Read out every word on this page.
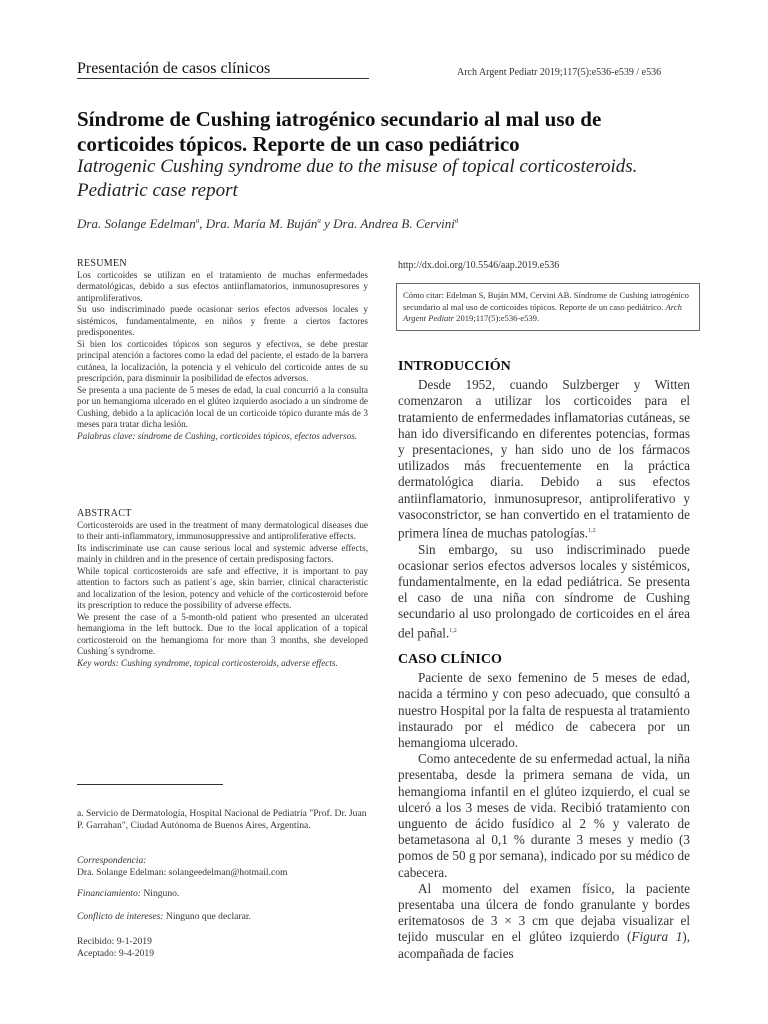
Presentación de casos clínicos	Arch Argent Pediatr 2019;117(5):e536-e539 / e536
Síndrome de Cushing iatrogénico secundario al mal uso de corticoides tópicos. Reporte de un caso pediátrico
Iatrogenic Cushing syndrome due to the misuse of topical corticosteroids. Pediatric case report
Dra. Solange Edelman$^a$, Dra. María M. Buján$^a$ y Dra. Andrea B. Cervini$^a$
RESUMEN

Los corticoides se utilizan en el tratamiento de muchas enfermedades dermatológicas, debido a sus efectos antiinflamatorios, inmunosupresores y antiproliferativos.

Su uso indiscriminado puede ocasionar serios efectos adversos locales y sistémicos, fundamentalmente, en niños y frente a ciertos factores predisponentes.

Si bien los corticoides tópicos son seguros y efectivos, se debe prestar principal atención a factores como la edad del paciente, el estado de la barrera cutánea, la localización, la potencia y el vehículo del corticoide antes de su prescripción, para disminuir la posibilidad de efectos adversos.

Se presenta a una paciente de 5 meses de edad, la cual concurrió a la consulta por un hemangioma ulcerado en el glúteo izquierdo asociado a un síndrome de Cushing, debido a la aplicación local de un corticoide tópico durante más de 3 meses para tratar dicha lesión.

Palabras clave: síndrome de Cushing, corticoides tópicos, efectos adversos.

ABSTRACT

Corticosteroids are used in the treatment of many dermatological diseases due to their anti-inflammatory, immunosuppressive and antiproliferative effects.

Its indiscriminate use can cause serious local and systemic adverse effects, mainly in children and in the presence of certain predisposing factors.

While topical corticosteroids are safe and effective, it is important to pay attention to factors such as patient´s age, skin barrier, clinical characteristic and localization of the lesion, potency and vehicle of the corticosteroid before its prescription to reduce the possibility of adverse effects.

We present the case of a 5-month-old patient who presented an ulcerated hemangioma in the left buttock. Due to the local application of a topical corticosteroid on the hemangioma for more than 3 months, she developed Cushing´s syndrome.

Key words: Cushing syndrome, topical corticosteroids, adverse effects.

a. Servicio de Dermatología, Hospital Nacional de Pediatría "Prof. Dr. Juan P. Garrahan", Ciudad Autónoma de Buenos Aires, Argentina.

Correspondencia:

Dra. Solange Edelman: solangeedelman@hotmail.com

Financiamiento: Ninguno.
Conflicto de intereses: Ninguno que declarar.

Recibido: 9-1-2019

Aceptado: 9-4-2019

http://dx.doi.org/10.5546/aap.2019.e536

Cómo citar: Edelman S, Buján MM, Cervini AB. Síndrome de Cushing iatrogénico secundario al mal uso de corticoides tópicos. Reporte de un caso pediátrico. Arch Argent Pediatr 2019;117(5):e536-e539.

INTRODUCCIÓN

Desde 1952, cuando Sulzberger y Witten comenzaron a utilizar los corticoides para el tratamiento de enfermedades inflamatorias cutáneas, se han ido diversificando en diferentes potencias, formas y presentaciones, y han sido uno de los fármacos utilizados más frecuentemente en la práctica dermatológica diaria. Debido a sus efectos antiinflamatorio, inmunosupresor, antiproliferativo y vasoconstrictor, se han convertido en el tratamiento de primera línea de muchas patologías.$^{1,2}$

Sin embargo, su uso indiscriminado puede ocasionar serios efectos adversos locales y sistémicos, fundamentalmente, en la edad pediátrica. Se presenta el caso de una niña con síndrome de Cushing secundario al uso prolongado de corticoides en el área del pañal.$^{1,2}$

CASO CLÍNICO

Paciente de sexo femenino de 5 meses de edad, nacida a término y con peso adecuado, que consultó a nuestro Hospital por la falta de respuesta al tratamiento instaurado por el médico de cabecera por un hemangioma ulcerado.

Como antecedente de su enfermedad actual, la niña presentaba, desde la primera semana de vida, un hemangioma infantil en el glúteo izquierdo, el cual se ulceró a los 3 meses de vida. Recibió tratamiento con unguento de ácido fusídico al 2 % y valerato de betametasona al 0,1 % durante 3 meses y medio (3 pomos de 50 g por semana), indicado por su médico de cabecera.

Al momento del examen físico, la paciente presentaba una úlcera de fondo granulante y bordes eritematosos de 3 × 3 cm que dejaba visualizar el tejido muscular en el glúteo izquierdo (Figura 1), acompañada de facies
